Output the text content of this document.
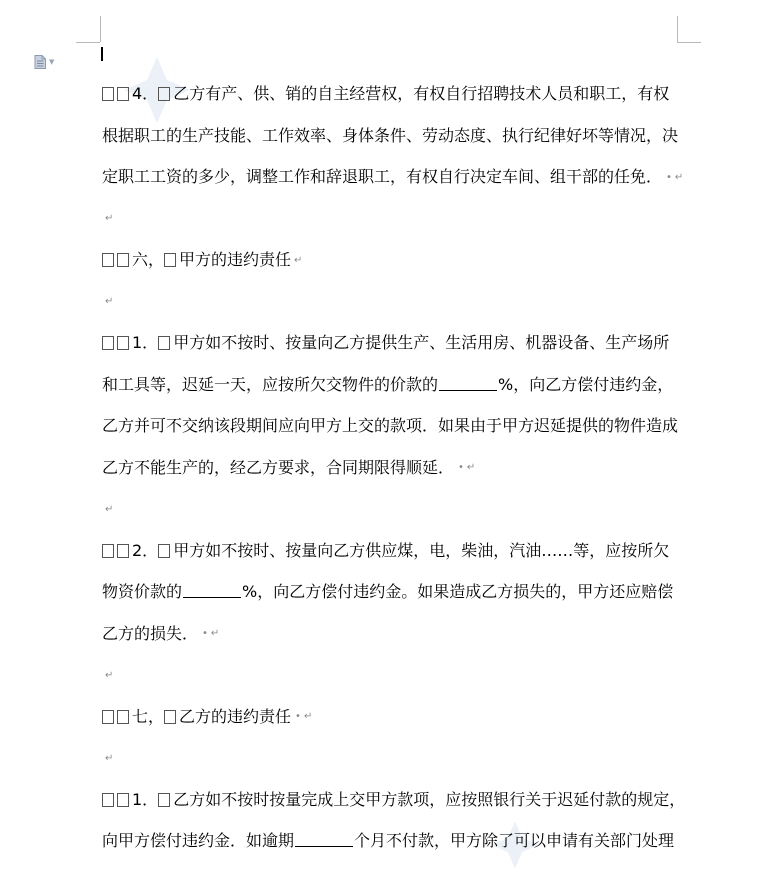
▼
4． 乙方有产、供、销的自主经营权，有权自行招聘技术人员和职工，有权
根据职工的生产技能、工作效率、身体条件、劳动态度、执行纪律好坏等情况，决
定职工工资的多少，调整工作和辞退职工，有权自行决定车间、组干部的任免． • ↵
↵
六， 甲方的违约责任 ↵
↵
1． 甲方如不按时、按量向乙方提供生产、生活用房、机器设备、生产场所
和工具等，迟延一天，应按所欠交物件的价款的	%，向乙方偿付违约金，
乙方并可不交纳该段期间应向甲方上交的款项．如果由于甲方迟延提供的物件造成
乙方不能生产的，经乙方要求，合同期限得顺延． • ↵
↵
2． 甲方如不按时、按量向乙方供应煤，电，柴油，汽油……等，应按所欠
物资价款的	%，向乙方偿付违约金。如果造成乙方损失的，甲方还应赔偿
乙方的损失． • ↵
↵
七， 乙方的违约责任 • ↵
↵
1． 乙方如不按时按量完成上交甲方款项，应按照银行关于迟延付款的规定，
向甲方偿付违约金．如逾期	个月不付款，甲方除了可以申请有关部门处理
